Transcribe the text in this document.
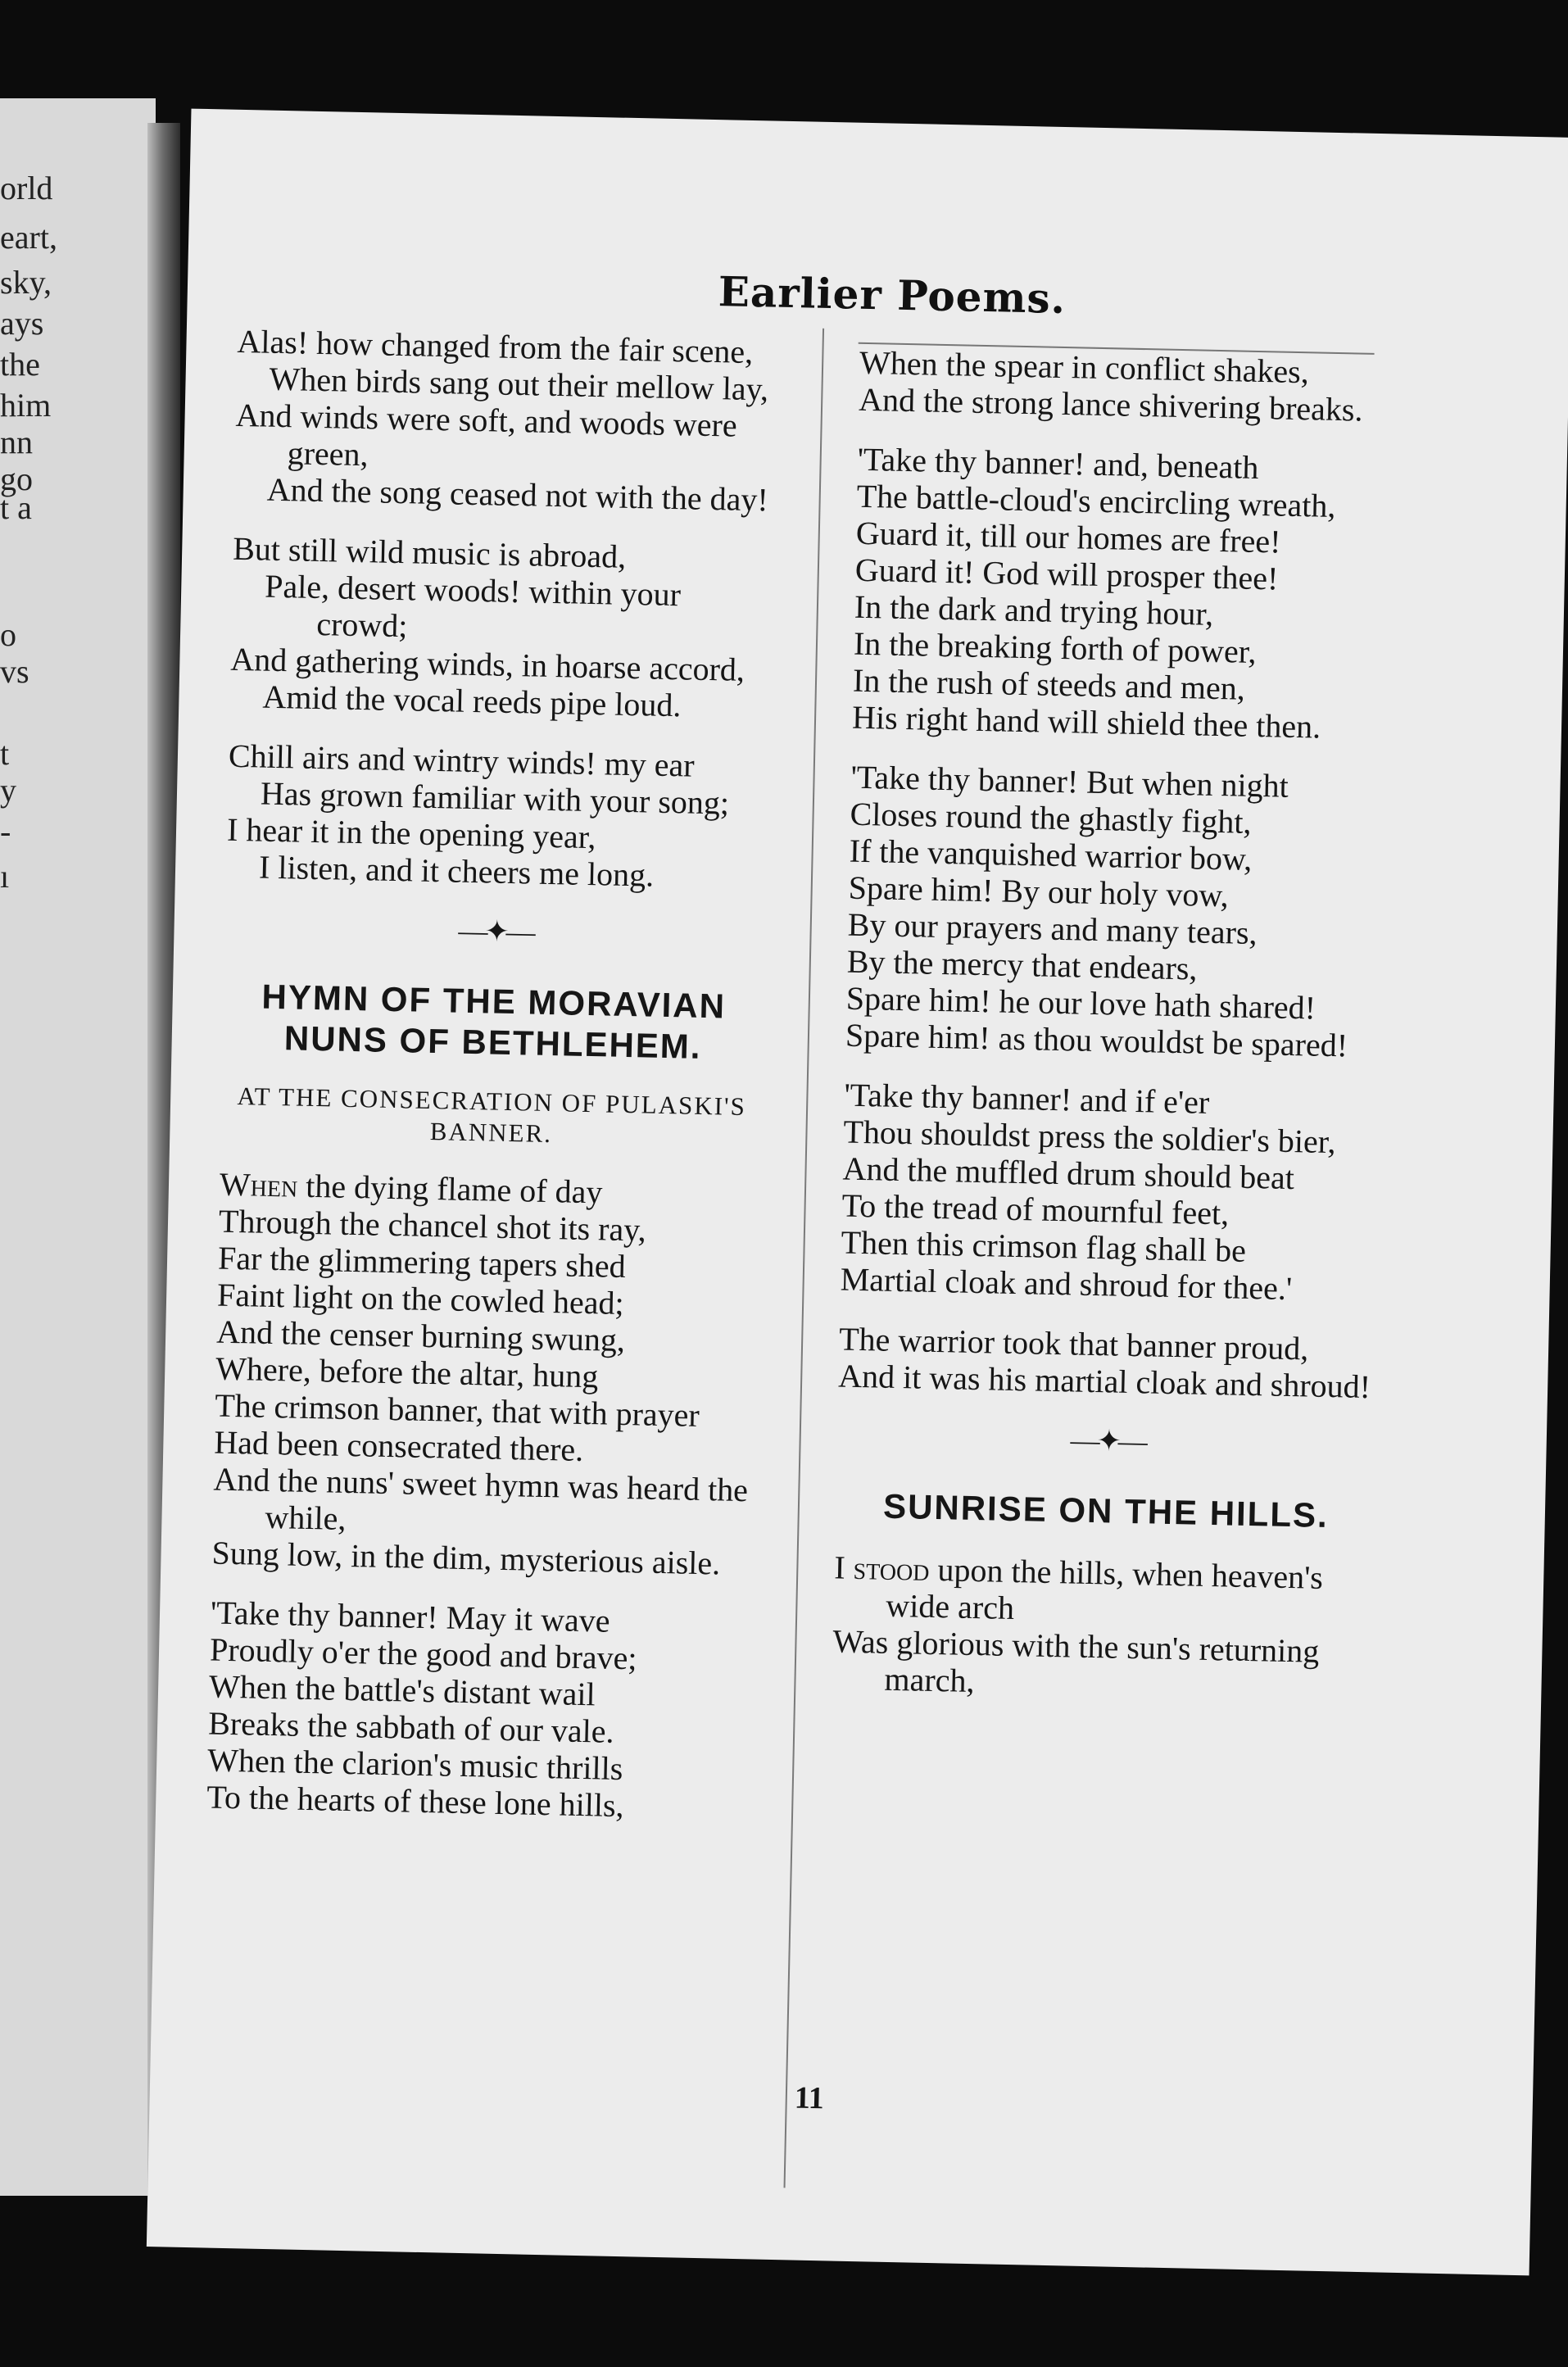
orld
eart,
sky,
ays
the
him
nn
go
t a
o
vs
t
y
-
ı
Earlier Poems.
Alas! how changed from the fair scene,
When birds sang out their mellow lay,
And winds were soft, and woods were green,
And the song ceased not with the day!
But still wild music is abroad,
Pale, desert woods! within your crowd;
And gathering winds, in hoarse accord,
Amid the vocal reeds pipe loud.
Chill airs and wintry winds! my ear
Has grown familiar with your song;
I hear it in the opening year,
I listen, and it cheers me long.
—✦—
HYMN OF THE MORAVIAN NUNS OF BETHLEHEM.
AT THE CONSECRATION OF PULASKI'S BANNER.
When the dying flame of day
Through the chancel shot its ray,
Far the glimmering tapers shed
Faint light on the cowled head;
And the censer burning swung,
Where, before the altar, hung
The crimson banner, that with prayer
Had been consecrated there.
And the nuns' sweet hymn was heard the while,
Sung low, in the dim, mysterious aisle.
'Take thy banner! May it wave
Proudly o'er the good and brave;
When the battle's distant wail
Breaks the sabbath of our vale.
When the clarion's music thrills
To the hearts of these lone hills,
When the spear in conflict shakes,
And the strong lance shivering breaks.
'Take thy banner! and, beneath
The battle-cloud's encircling wreath,
Guard it, till our homes are free!
Guard it! God will prosper thee!
In the dark and trying hour,
In the breaking forth of power,
In the rush of steeds and men,
His right hand will shield thee then.
'Take thy banner! But when night
Closes round the ghastly fight,
If the vanquished warrior bow,
Spare him! By our holy vow,
By our prayers and many tears,
By the mercy that endears,
Spare him! he our love hath shared!
Spare him! as thou wouldst be spared!
'Take thy banner! and if e'er
Thou shouldst press the soldier's bier,
And the muffled drum should beat
To the tread of mournful feet,
Then this crimson flag shall be
Martial cloak and shroud for thee.'
The warrior took that banner proud,
And it was his martial cloak and shroud!
—✦—
SUNRISE ON THE HILLS.
I stood upon the hills, when heaven's wide arch
Was glorious with the sun's returning march,
11
